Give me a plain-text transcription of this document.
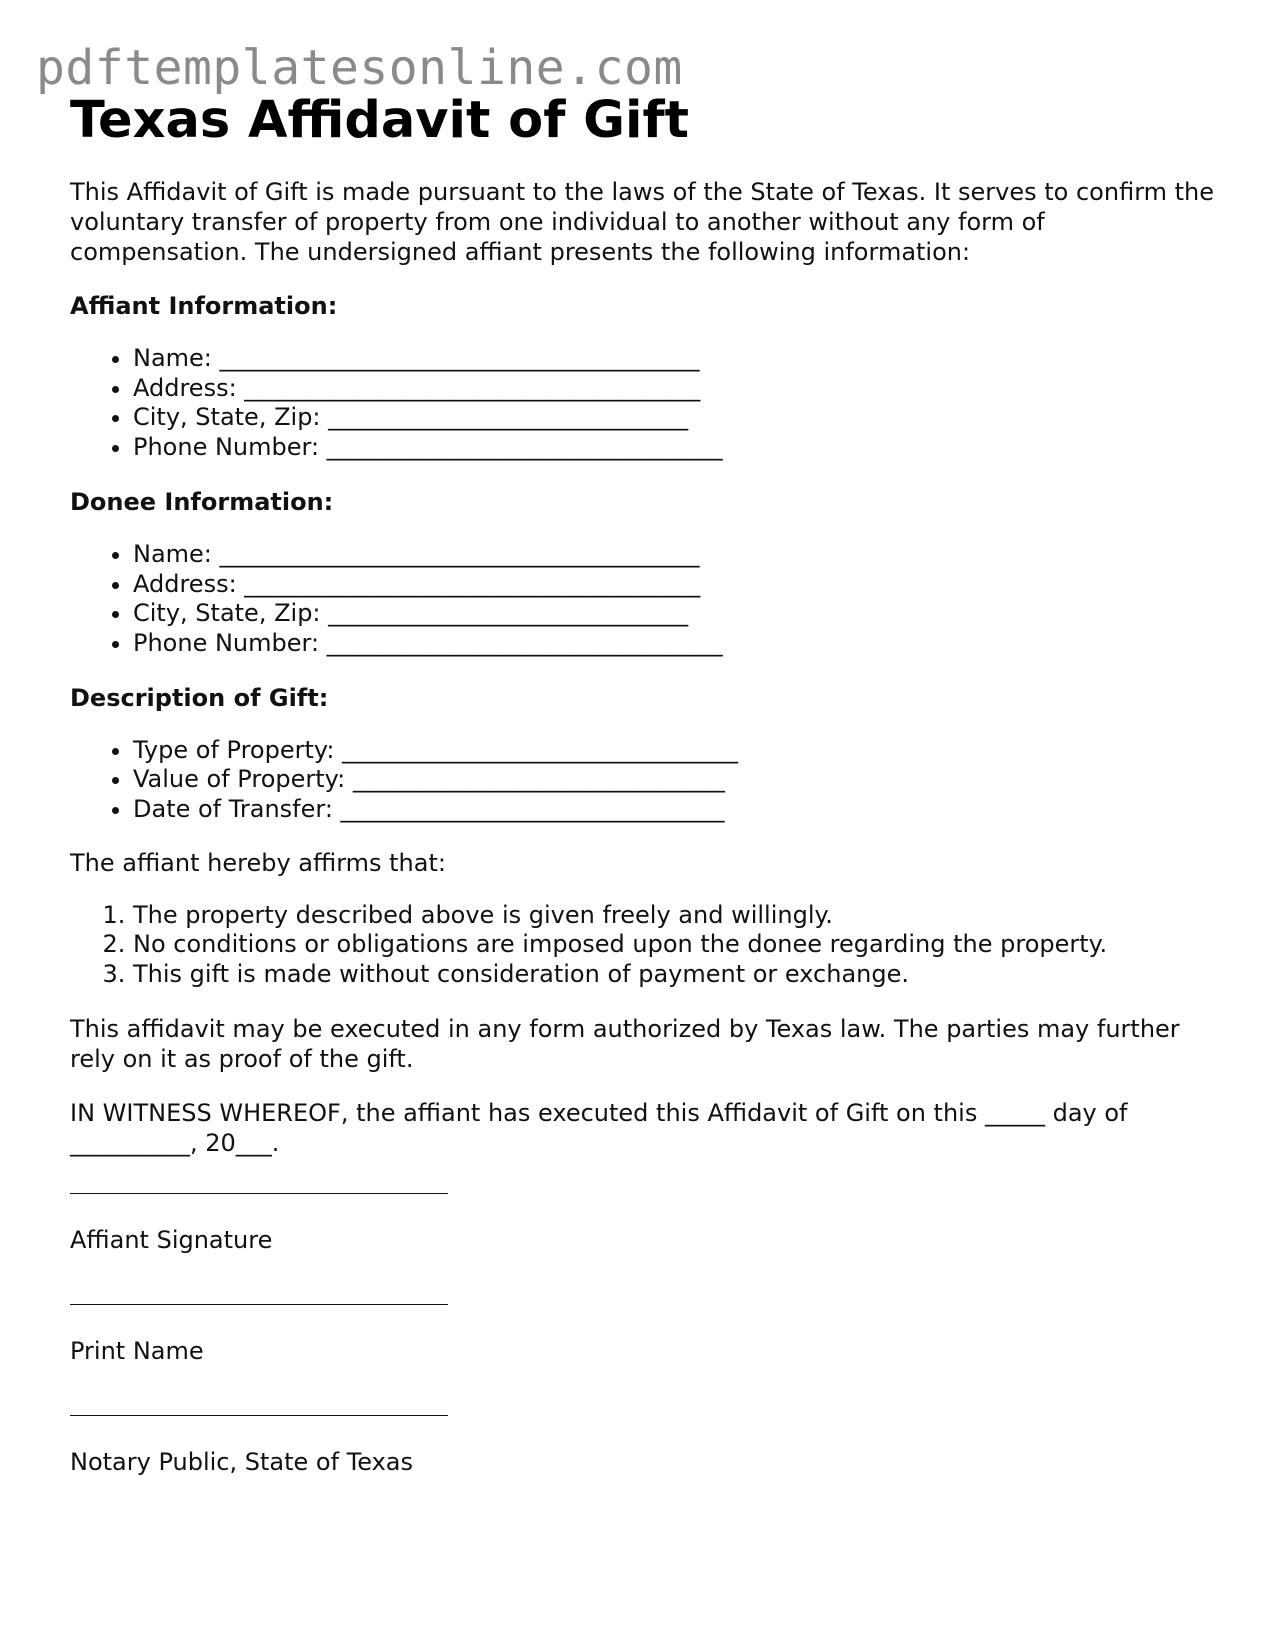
pdftemplatesonline.com
Texas Affidavit of Gift

This Affidavit of Gift is made pursuant to the laws of the State of Texas. It serves to confirm the voluntary transfer of property from one individual to another without any form of compensation. The undersigned affiant presents the following information:

Affiant Information:
• Name: ________________________________________
• Address: ______________________________________
• City, State, Zip: ______________________________
• Phone Number: _________________________________
Donee Information:
• Name: ________________________________________
• Address: ______________________________________
• City, State, Zip: ______________________________
• Phone Number: _________________________________
Description of Gift:
• Type of Property: _________________________________
• Value of Property: _______________________________
• Date of Transfer: ________________________________

The affiant hereby affirms that:

1. The property described above is given freely and willingly.
2. No conditions or obligations are imposed upon the donee regarding the property.
3. This gift is made without consideration of payment or exchange.

This affidavit may be executed in any form authorized by Texas law. The parties may further rely on it as proof of the gift.

IN WITNESS WHEREOF, the affiant has executed this Affidavit of Gift on this _____ day of __________, 20___.

Affiant Signature

Print Name

Notary Public, State of Texas
